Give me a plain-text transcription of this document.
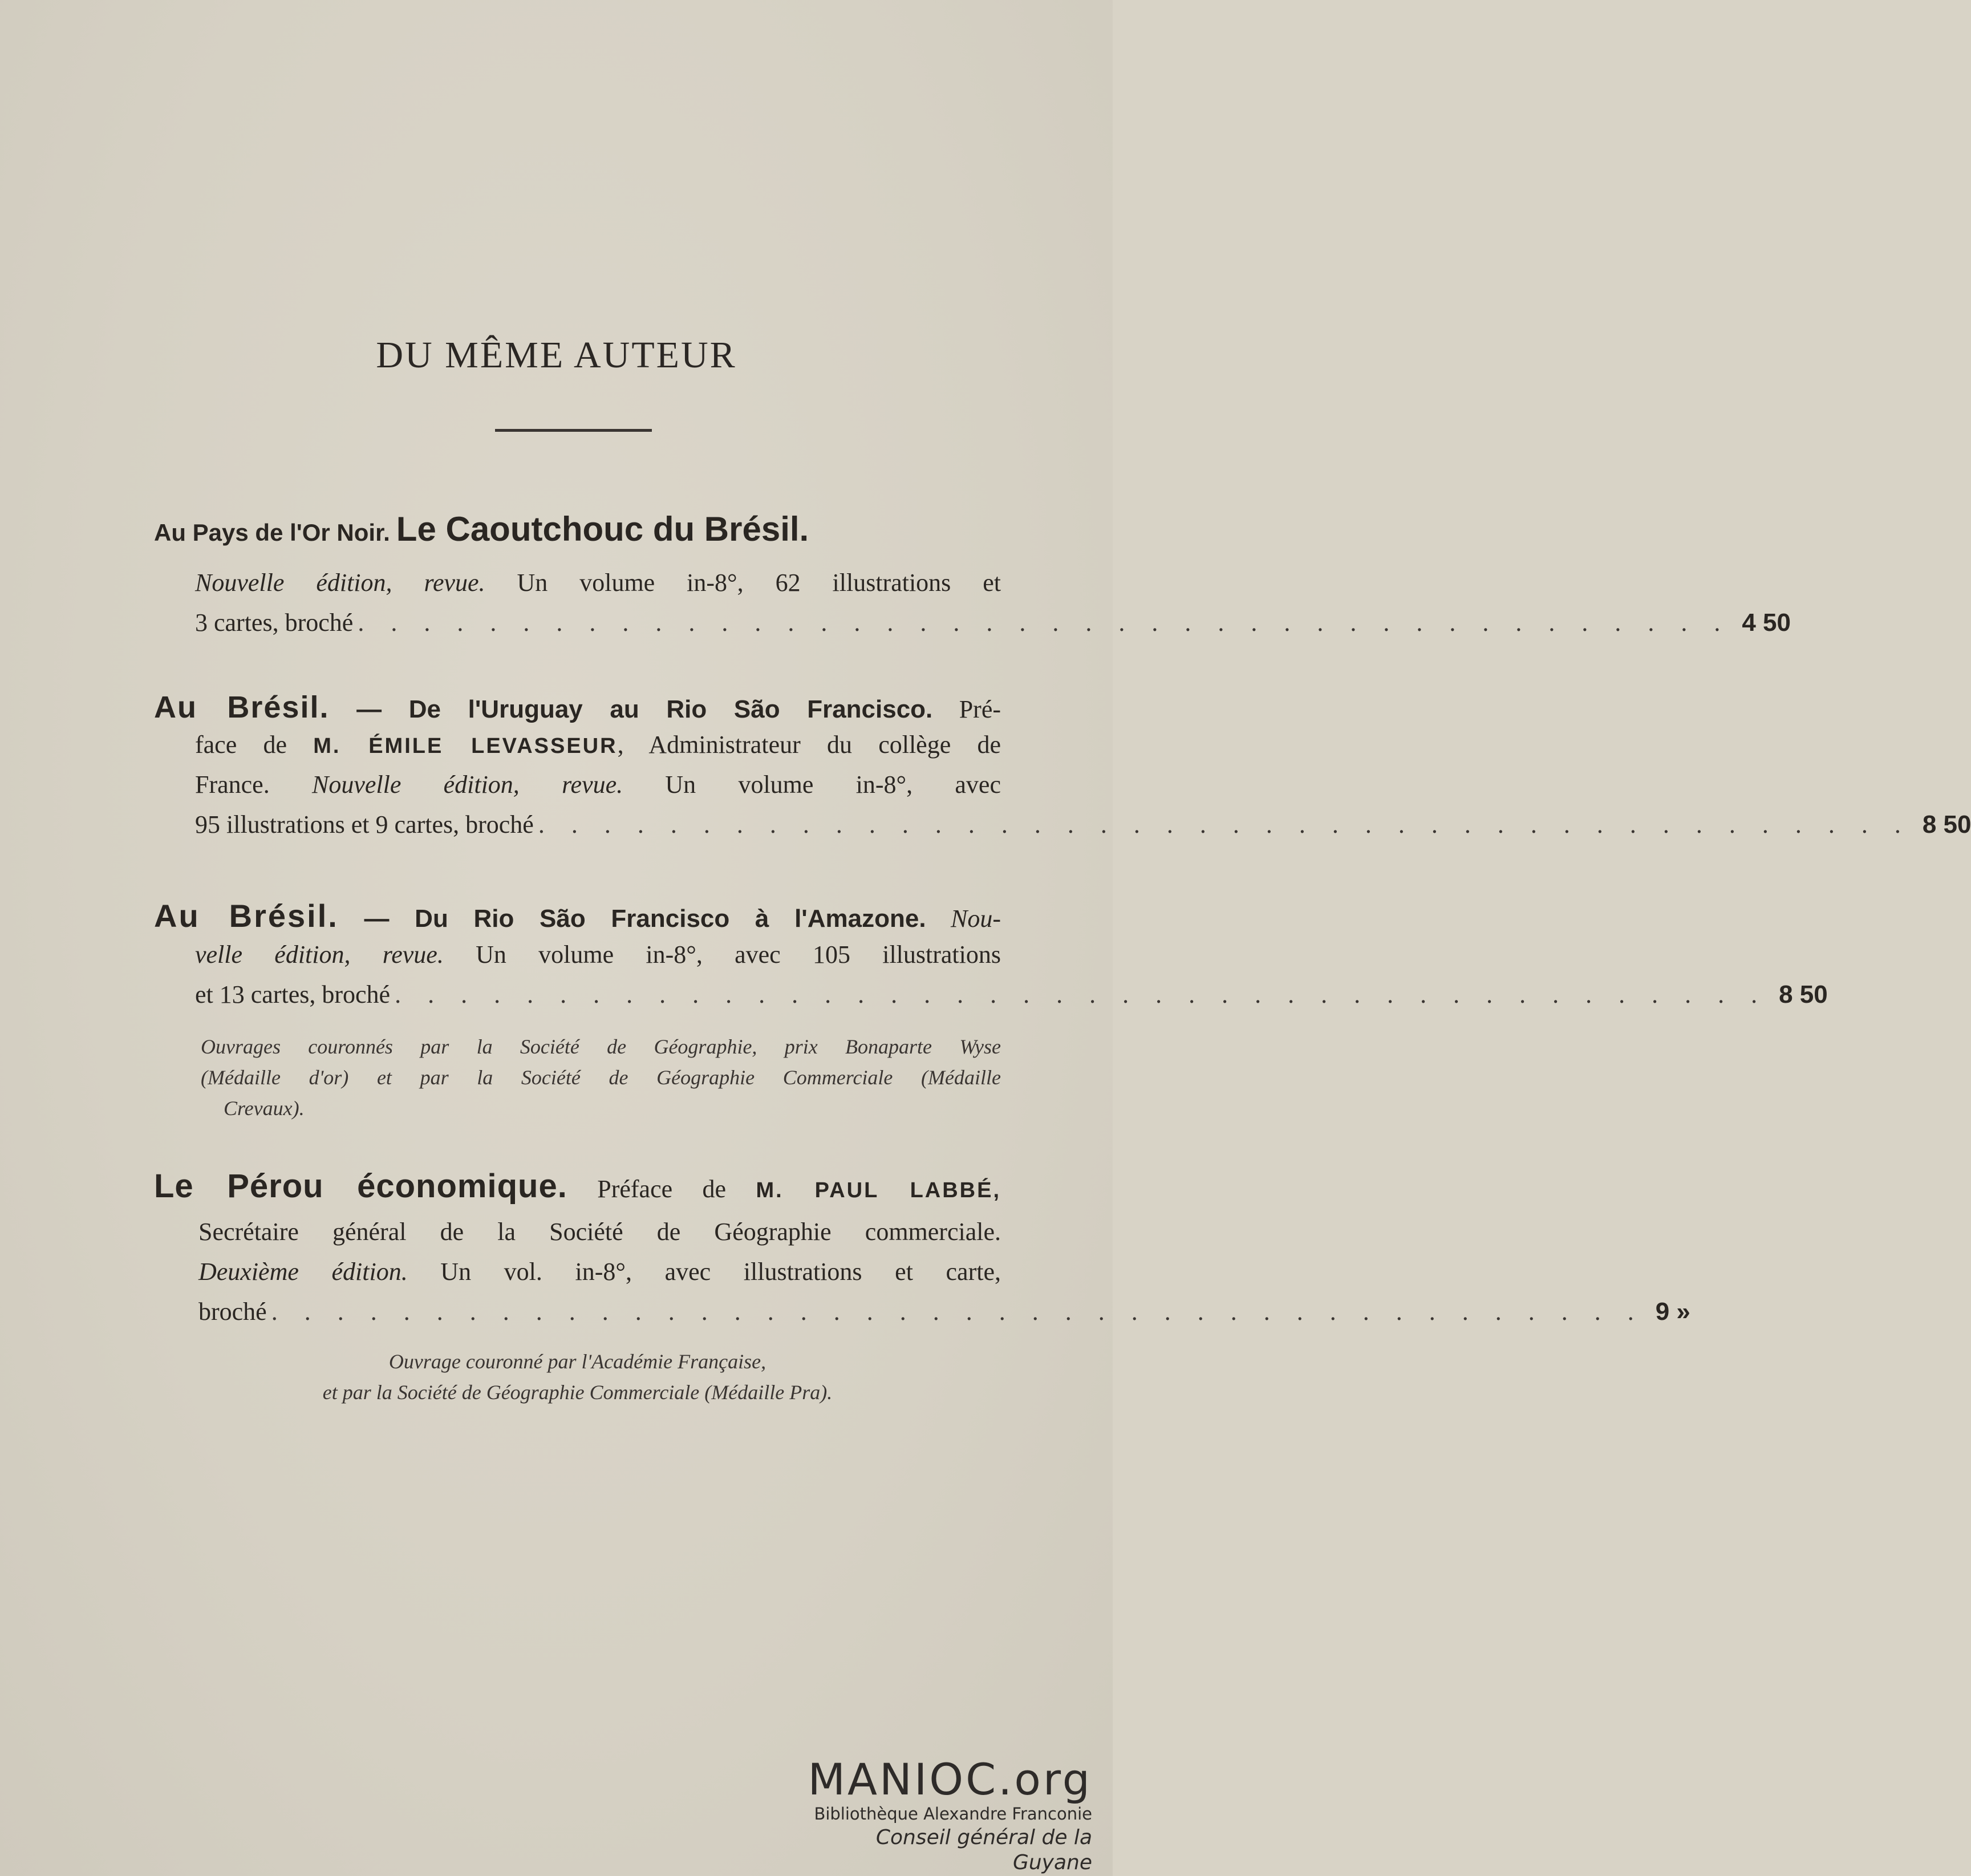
DU MÊME AUTEUR
Au Pays de l'Or Noir. Le Caoutchouc du Brésil.
Nouvelle édition, revue. Un volume in-8°, 62 illustrations et
3 cartes, broché . . . . . . . . . . . . . . . . . . . . . . . . . . . . . . . . . . . . . . . . . . 4 50
Au Brésil. — De l'Uruguay au Rio São Francisco. Pré-
face de M. ÉMILE LEVASSEUR, Administrateur du collège de
France. Nouvelle édition, revue. Un volume in-8°, avec
95 illustrations et 9 cartes, broché . . . . . . . . . . . . . . . . . . . . . . . . . . . . . . . . . . . . . . . . . . 8 50
Au Brésil. — Du Rio São Francisco à l'Amazone. Nou-
velle édition, revue. Un volume in-8°, avec 105 illustrations
et 13 cartes, broché . . . . . . . . . . . . . . . . . . . . . . . . . . . . . . . . . . . . . . . . . . 8 50
Ouvrages couronnés par la Société de Géographie, prix Bonaparte Wyse
(Médaille d'or) et par la Société de Géographie Commerciale (Médaille
Crevaux).
Le Pérou économique. Préface de M. PAUL LABBÉ,
Secrétaire général de la Société de Géographie commerciale.
Deuxième édition. Un vol. in-8°, avec illustrations et carte,
broché . . . . . . . . . . . . . . . . . . . . . . . . . . . . . . . . . . . . . . . . . . 9 »
Ouvrage couronné par l'Académie Française,
et par la Société de Géographie Commerciale (Médaille Pra).
MANIOC.org
Bibliothèque Alexandre Franconie
Conseil général de la Guyane
